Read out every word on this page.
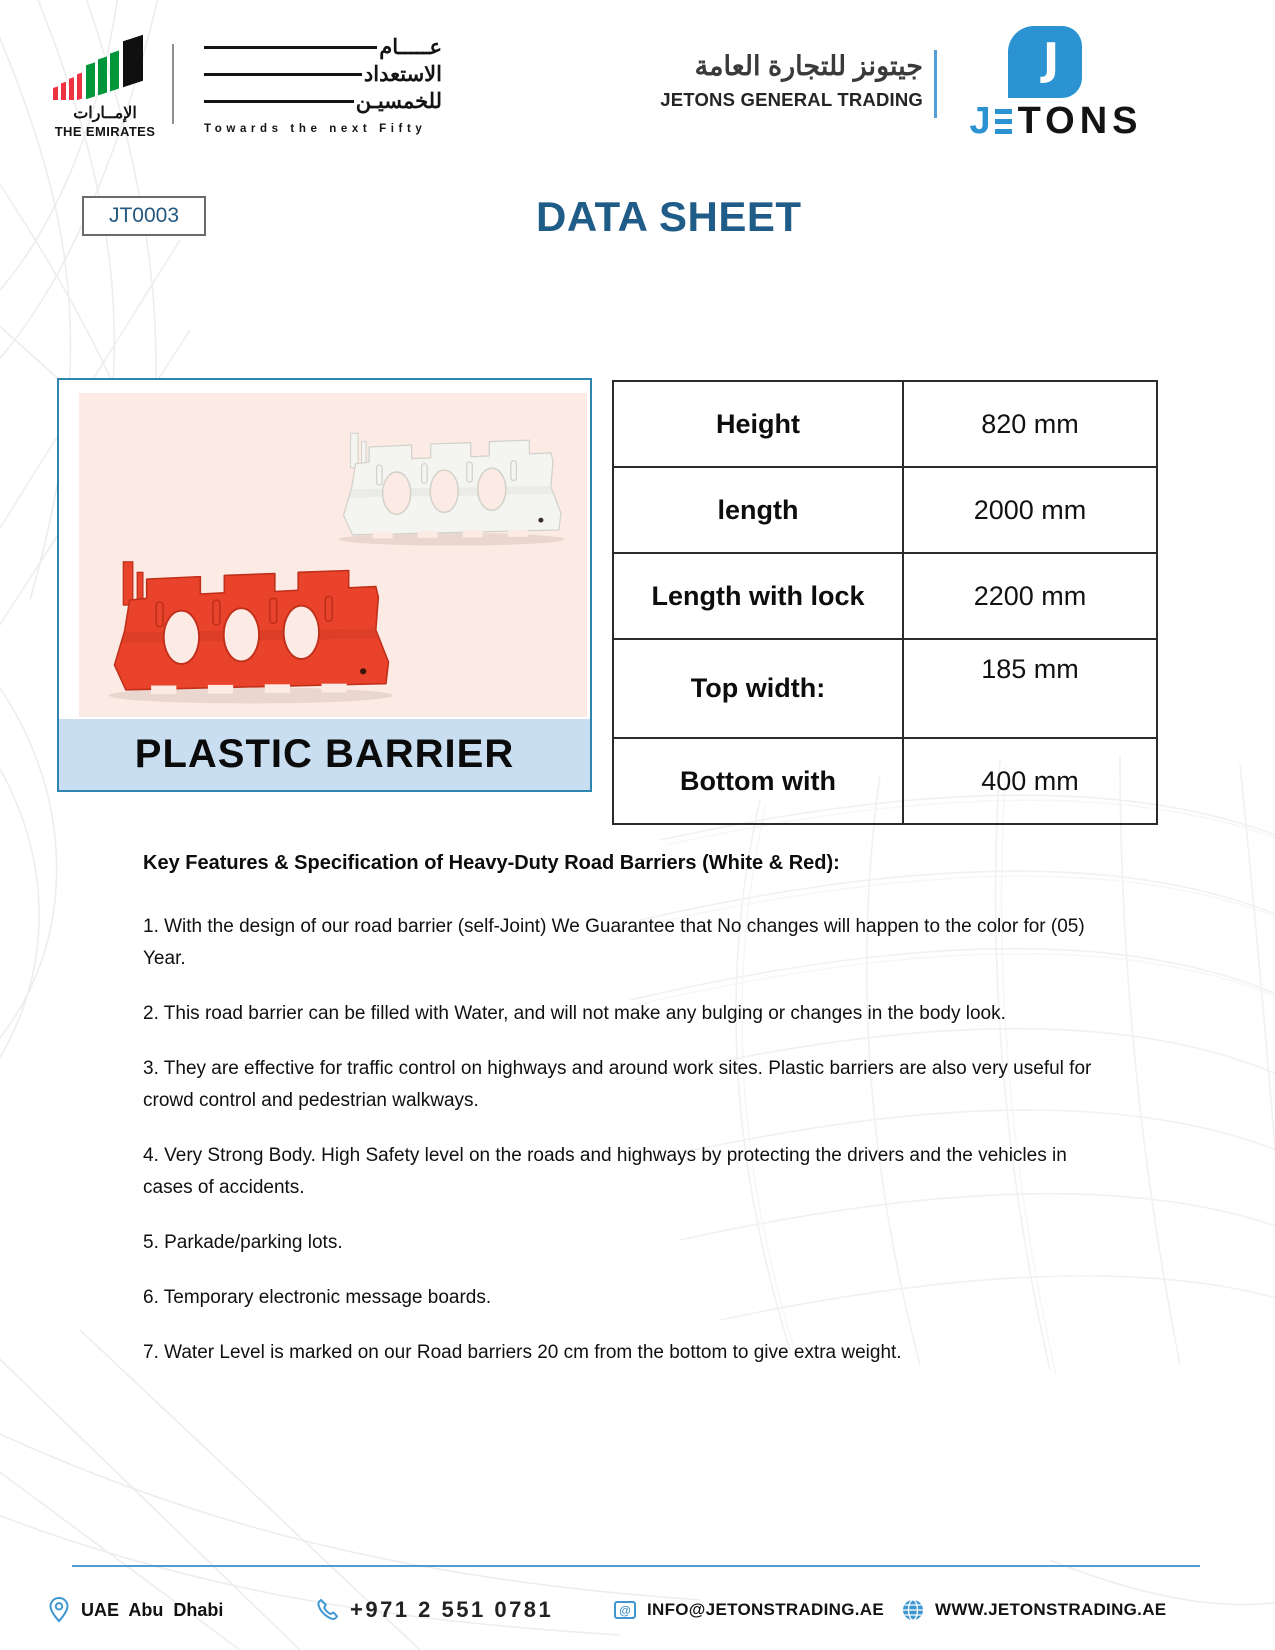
الإمــارات
THE EMIRATES
عـــــام
الاستعداد
للخمسيـن
Towards the next Fifty
جيتونز للتجارة العامة
JETONS GENERAL TRADING
J
J TONS
JT0003	DATA SHEET
PLASTIC BARRIER
Height	820 mm
length	2000 mm
Length with lock	2200 mm
Top width:	185 mm
Bottom with	400 mm
Key Features & Specification of Heavy-Duty Road Barriers (White & Red):

1. With the design of our road barrier (self-Joint) We Guarantee that No changes will happen to the color for (05) Year.

2. This road barrier can be filled with Water, and will not make any bulging or changes in the body look.

3. They are effective for traffic control on highways and around work sites. Plastic barriers are also very useful for crowd control and pedestrian walkways.

4. Very Strong Body. High Safety level on the roads and highways by protecting the drivers and the vehicles in cases of accidents.

5. Parkade/parking lots.

6. Temporary electronic message boards.

7. Water Level is marked on our Road barriers 20 cm from the bottom to give extra weight.

UAE Abu Dhabi	+971 2 551 0781	@ INFO@JETONSTRADING.AE	WWW.JETONSTRADING.AE
